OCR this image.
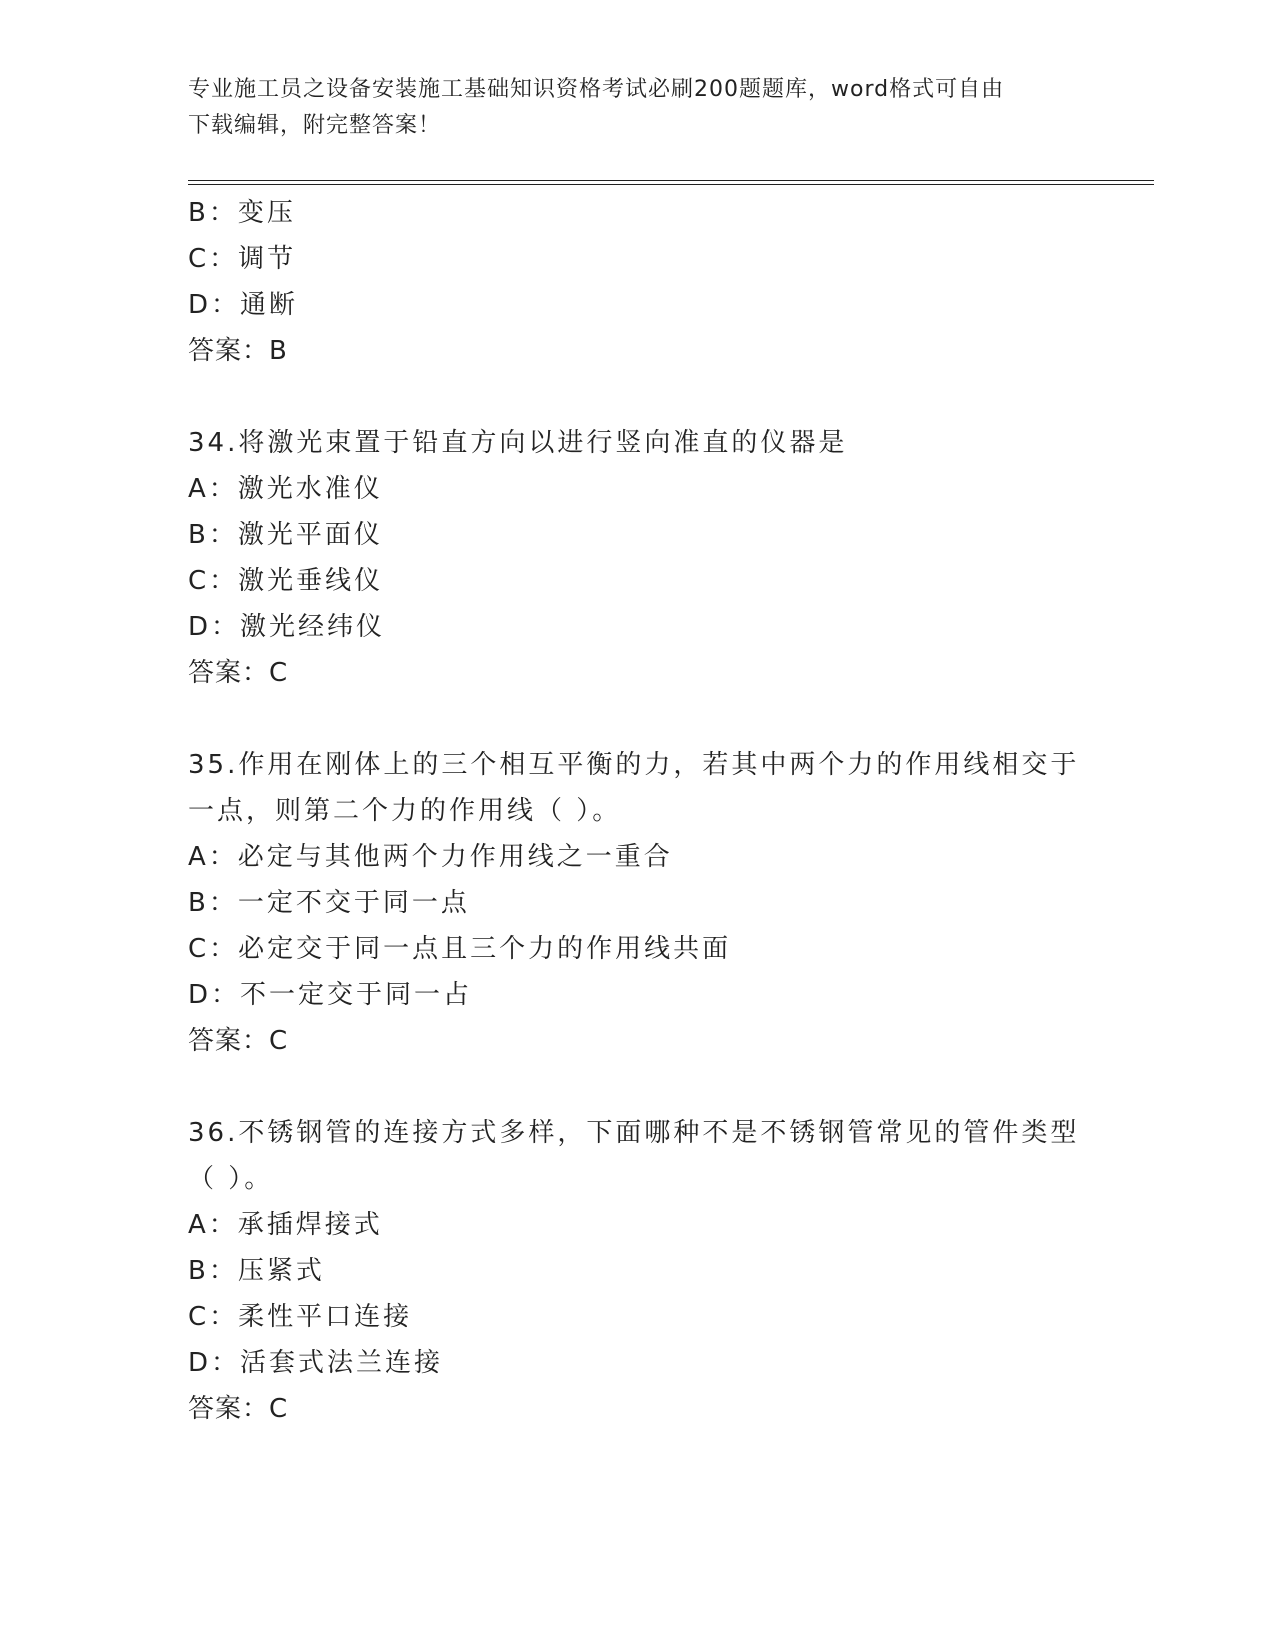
专业施工员之设备安装施工基础知识资格考试必刷200题题库，word格式可自由
下载编辑，附完整答案！
B：变压
C：调节
D：通断
答案：B
34.将激光束置于铅直方向以进行竖向准直的仪器是
A：激光水准仪
B：激光平面仪
C：激光垂线仪
D：激光经纬仪
答案：C
35.作用在刚体上的三个相互平衡的力，若其中两个力的作用线相交于
一点，则第二个力的作用线（ ）。
A：必定与其他两个力作用线之一重合
B：一定不交于同一点
C：必定交于同一点且三个力的作用线共面
D：不一定交于同一占
答案：C
36.不锈钢管的连接方式多样，下面哪种不是不锈钢管常见的管件类型
（ ）。
A：承插焊接式
B：压紧式
C：柔性平口连接
D：活套式法兰连接
答案：C
